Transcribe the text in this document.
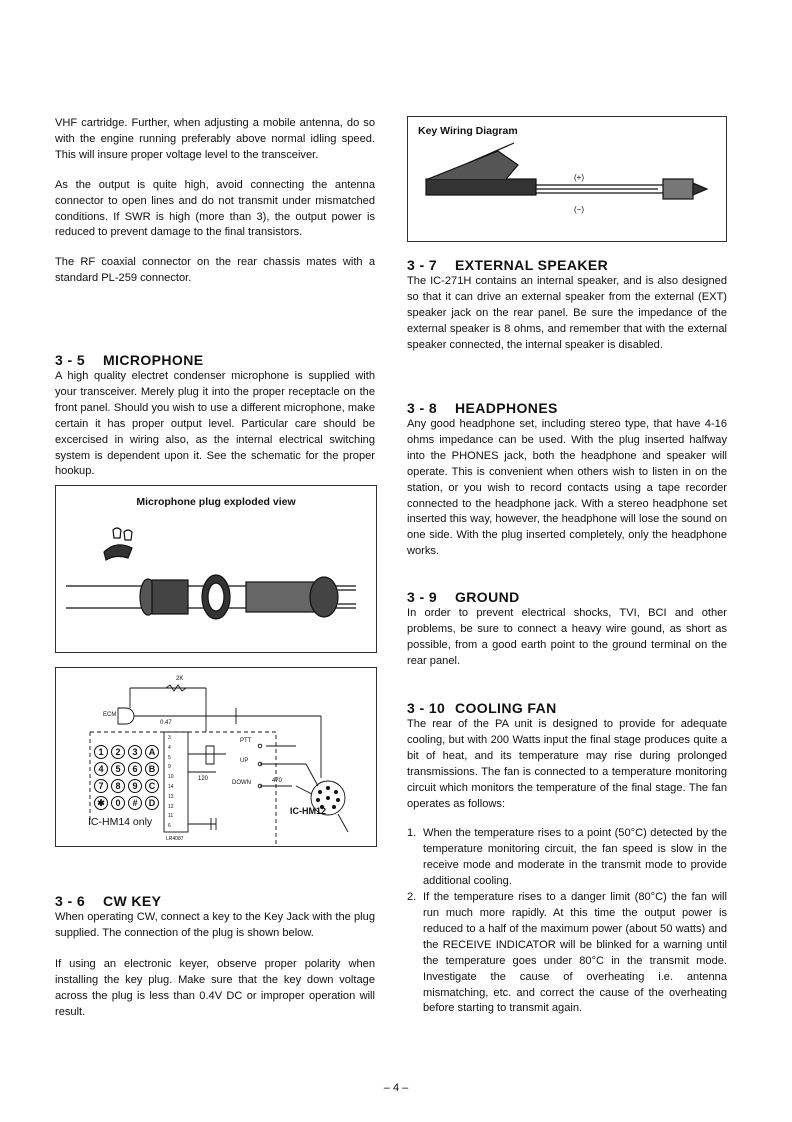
VHF cartridge. Further, when adjusting a mobile antenna, do so with the engine running preferably above normal idling speed. This will insure proper voltage level to the transceiver.

As the output is quite high, avoid connecting the antenna connector to open lines and do not transmit under mismatched conditions. If SWR is high (more than 3), the output power is reduced to prevent damage to the final transistors.

The RF coaxial connector on the rear chassis mates with a standard PL-259 connector.

3 - 5 MICROPHONE

A high quality electret condenser microphone is supplied with your transceiver. Merely plug it into the proper receptacle on the front panel. Should you wish to use a different microphone, make certain it has proper output level. Particular care should be excercised in wiring also, as the internal electrical switching system is dependent upon it. See the schematic for the proper hookup.

Microphone plug exploded view
ECM
2K
0.47
PTT
UP
DOWN
120	470
LR4087
3
4
5
9
10
14
13
12
11
6
1	2	3	A
4	5	6	B
7	8	9	C
✱	0	#	D
IC-HM14 only
IC-HM12
3 - 6 CW KEY

When operating CW, connect a key to the Key Jack with the plug supplied. The connection of the plug is shown below.

If using an electronic keyer, observe proper polarity when installing the key plug. Make sure that the key down voltage across the plug is less than 0.4V DC or improper operation will result.

Key Wiring Diagram
(+)
(−)
3 - 7 EXTERNAL SPEAKER

The IC-271H contains an internal speaker, and is also designed so that it can drive an external speaker from the external (EXT) speaker jack on the rear panel. Be sure the impedance of the external speaker is 8 ohms, and remember that with the external speaker connected, the internal speaker is disabled.

3 - 8 HEADPHONES

Any good headphone set, including stereo type, that have 4-16 ohms impedance can be used. With the plug inserted halfway into the PHONES jack, both the headphone and speaker will operate. This is convenient when others wish to listen in on the station, or you wish to record contacts using a tape recorder connected to the headphone jack. With a stereo headphone set inserted this way, however, the headphone will lose the sound on one side. With the plug inserted completely, only the headphone works.

3 - 9 GROUND

In order to prevent electrical shocks, TVI, BCI and other problems, be sure to connect a heavy wire gound, as short as possible, from a good earth point to the ground terminal on the rear panel.

3 - 10 COOLING FAN

The rear of the PA unit is designed to provide for adequate cooling, but with 200 Watts input the final stage produces quite a bit of heat, and its temperature may rise during prolonged transmissions. The fan is connected to a temperature monitoring circuit which monitors the temperature of the final stage. The fan operates as follows:

1. When the temperature rises to a point (50°C) detected by the temperature monitoring circuit, the fan speed is slow in the receive mode and moderate in the transmit mode to provide additional cooling.
2. If the temperature rises to a danger limit (80°C) the fan will run much more rapidly. At this time the output power is reduced to a half of the maximum power (about 50 watts) and the RECEIVE INDICATOR will be blinked for a warning until the temperature goes under 80°C in the transmit mode. Investigate the cause of overheating i.e. antenna mismatching, etc. and correct the cause of the overheating before starting to transmit again.
– 4 –
